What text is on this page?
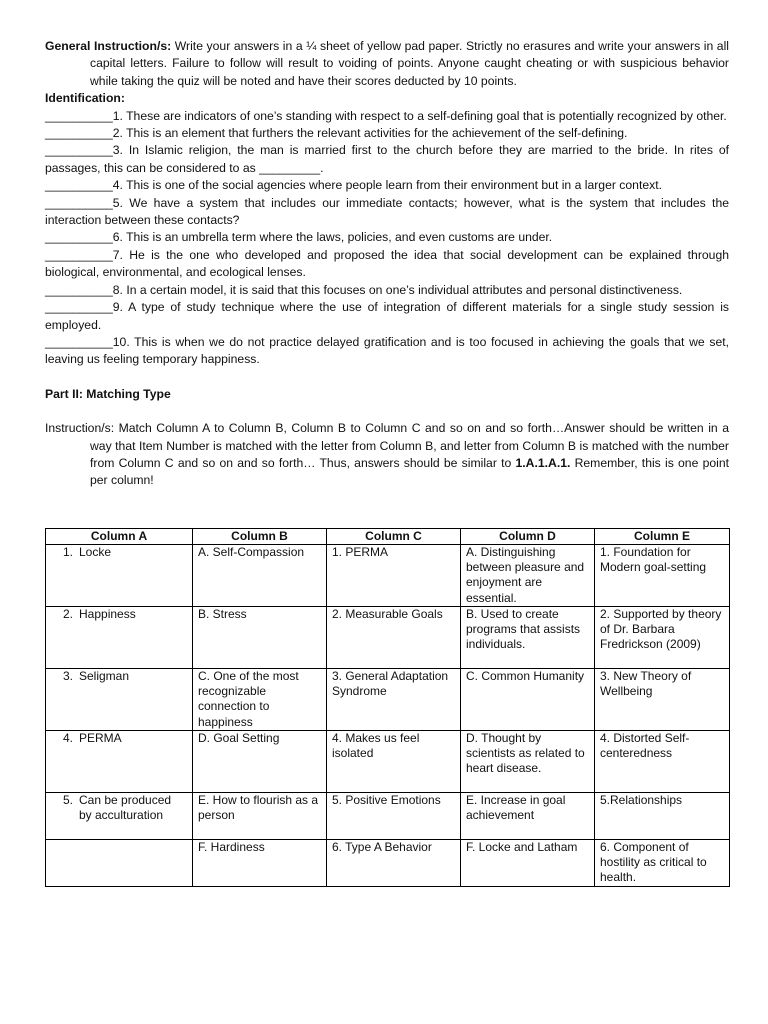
General Instruction/s: Write your answers in a ¼ sheet of yellow pad paper. Strictly no erasures and write your answers in all capital letters. Failure to follow will result to voiding of points. Anyone caught cheating or with suspicious behavior while taking the quiz will be noted and have their scores deducted by 10 points.

Identification:

__________1. These are indicators of one’s standing with respect to a self-defining goal that is potentially recognized by other.

__________2. This is an element that furthers the relevant activities for the achievement of the self-defining.

__________3. In Islamic religion, the man is married first to the church before they are married to the bride. In rites of passages, this can be considered to as _________.

__________4. This is one of the social agencies where people learn from their environment but in a larger context.

__________5. We have a system that includes our immediate contacts; however, what is the system that includes the interaction between these contacts?

__________6. This is an umbrella term where the laws, policies, and even customs are under.

__________7. He is the one who developed and proposed the idea that social development can be explained through biological, environmental, and ecological lenses.

__________8. In a certain model, it is said that this focuses on one’s individual attributes and personal distinctiveness.

__________9. A type of study technique where the use of integration of different materials for a single study session is employed.

__________10. This is when we do not practice delayed gratification and is too focused in achieving the goals that we set, leaving us feeling temporary happiness.

Part II: Matching Type

Instruction/s: Match Column A to Column B, Column B to Column C and so on and so forth…Answer should be written in a way that Item Number is matched with the letter from Column B, and letter from Column B is matched with the number from Column C and so on and so forth… Thus, answers should be similar to 1.A.1.A.1. Remember, this is one point per column!

Column A	Column B	Column C	Column D	Column E
1. Locke	A. Self-Compassion	1. PERMA	A. Distinguishing between pleasure and enjoyment are essential.	1. Foundation for Modern goal-setting
2. Happiness	B. Stress	2. Measurable Goals	B. Used to create programs that assists individuals.	2. Supported by theory of Dr. Barbara Fredrickson (2009)
3. Seligman	C. One of the most recognizable connection to happiness	3. General Adaptation Syndrome	C. Common Humanity	3. New Theory of Wellbeing
4. PERMA	D. Goal Setting	4. Makes us feel isolated	D. Thought by scientists as related to heart disease.	4. Distorted Self-centeredness
5. Can be produced by acculturation	E. How to flourish as a person	5. Positive Emotions	E. Increase in goal achievement	5.Relationships
	F. Hardiness	6. Type A Behavior	F. Locke and Latham	6. Component of hostility as critical to health.
